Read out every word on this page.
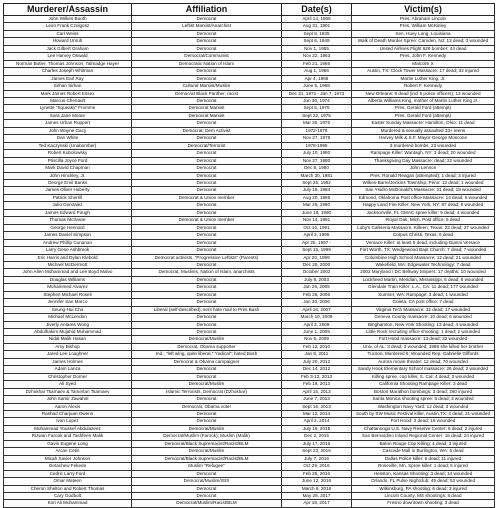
Murderer/Assassin	Affiliation	Date(s)	Victim(s)
John Wilkes Booth	Democrat	April 14, 1865	Pres. Abraham Lincoln
Leon Frank Czolgosz	Leftist Marxist/Anarchist	Aug 31, 1901	Pres. William McKinley
Carl Weiss	Democrat	Sept 8, 1935	Sen. Huey Long, Louisiana
Howard Unruh	Democrat	Sept 6, 1949	Walk of Death Murder Spree: Camden, NJ: 13 dead; 3 wounded
Jack Gilbert Graham	Democrat	Nov 1, 1955	United Airlines Flight 629 bomber; 44 dead
Lee Harvey Oswald	Democrat/Communist	Nov 22, 1963	Pres. John F. Kennedy
Norman Butler, Thomas Johnson, Talmadge Hayer	Democratic Nation of Islam	Feb 21, 1965	Malcolm X
Charles Joseph Whitman	Democrat	Aug 1, 1966	Austin, TX: Clock Tower Massacre: 17 dead; 32 injured
James Earl Ray	Democrat	Apr 4, 1968	Martin Luther King, Jr.
Sirhan Sirhan	Cultural Marxist/Muslim	June 5, 1968	Robert F. Kennedy
Mark James Robert Essex	Democrat Black Panther, racist	Dec 31, 1972 - Jan 7, 1973	New Orleans: 9 dead (incl 5 police officers); 13 wounded
Marcus Chenault	Democrat	Jun 30, 1974	Alberta Williams King, mother of Martin Luther King Jr.
Lynette "Squeaky" Fromme	Democrat Marxist	Sept 5, 1975	Pres. Gerald Ford (attempt)
Sara Jane Moore	Democrat Marxist	Sept 22, 1975	Pres. Gerald Ford (attempt)
James Urban Ruppert	Democrat	Mar 30, 1975	Easter Sunday Massacre: Hamilton, Ohio: 11 dead
John Wayne Gacy	Democrat; Dem Activist	1972-1978	Murdered & sexually assaulted 33+ teens
Dan White	Democrat	Nov 27, 1978	Harvey Milk & S.F. Mayor George Moscone
Ted Kaczynski (Unabomber)	Democrat/Terrorist	1978-1995	3 murdered bombs, 23 wounded
Robert Kubolowsky	Democrat	July 10, 1980	Rampage Killer: Wantagh, NY: 3 dead; 20 wounded
Priscilla Joyce Ford	Democrat	Nov 27, 1980	Thanksgiving Day Massacre: dead; 22 wounded
Mark David Chapman	Democrat	Dec 8, 1980	John Lennon
John Hinckley, Jr.	Democrat	March 30, 1981	Pres. Ronald Reagan (attempted); 1 dead; 3 injured
George Emil Banks	Democrat	Sept 25, 1982	Wilkes-Barre/Jenkins Township, Penn: 13 dead; 1 wounded
James Oliver Huberty	Democrat	July 18, 1984	San Ysidro McDonald's Massacre: 21 dead; 19 wounded
Patrick Sherrill	Democrat & Union member	Aug 20, 1986	Edmond, Oklahoma Post office Massacre: 14 dead; 6 wounded
Julio Gonzalez	Democrat	Mar 25, 1990	Happy Land Fire Killer: New York, NY: 87 dead; 6 wounded
James Edward Pough	Democrat	June 18, 1990	Jacksonville, FL GMAC spree killer: 9 dead; 4 wounded
Thomas McIlvane	Democrat & Union member	Nov 14, 1991	Royal Oak, Mich. Post office: 5 dead
George Hennard	Democrat	Oct 16, 1991	Luby's Cafeteria Massacre, Killeen, Texas: 23 dead; 27 wounded
James Daniel Simpson	Democrat	April 3, 1995	Corpus Christi, Texas: 6 dead
Andrew Phillip Cunanan	Democrat	Apr 25, 1997 -	Versace Killer: at least 5 dead, including Gianni Versace
Larry Gene Ashbrook	Democrat	Sept 15, 1999	Fort Worth, TX: Wedgewood Bapt Church: 7 dead; 7 wounded
Eric Harris and Dylan Klebold	Democrat activists, "Progressive Leftists" (Parents)	Apr 20, 1999	Columbine High School Massacre: 12 dead; 21 wounded
Michael McDermott	Democrat	Dec 26, 2000	Wakefield, MA: Edgewater Technology: 7 dead
John Allen Muhammad and Lee Boyd Malvo	Democrat, Muslims, Nation of Islam, anarchists	October 2002	2002 Maryland / DC Beltway Snipers: 17 deaths; 10 wounded
Douglas Williams	Democrat	July 8, 2003	Lockheed Martin, Meridian, Mississippi, 6 dead; 8 wounded
Mohammed Alvarez	Democrat	Jan 26, 2005	Glendale Train Killer: L.A., CA: 11 dead; 177 wounded
Stephen Michael Roseli	Democrat	Feb 26, 2005	Sumner, WA: Rampage: 3 dead; 1 wounded
Jennifer San Marco	Democrat	Jan 30, 2006	Goleta, CA post office: 7 dead
Seung-Hui Cho	Liberal (self-described); sent hate mail to Pres Bush	April 16, 2007	Virginia Tech Massacre: 32 dead; 17 wounded
Michael McLendon	Democrat	March 10, 2009	Geneva County massacre: 10 dead; 6 wounded
Jiverly Antares Wong	Democrat	April 3, 2009	Binghamton, New York Shooting: 13 dead; 4 wounded
Abdulhakim Mujahid Muhammad	Democrat	June 1, 2009	Little Rock recruiting office shooting: 1 dead; 2 wounded
Nidal Malik Hasan	Democrat/Muslim	Nov 5, 2009	Fort Hood massacre: 13 dead; 32 wounded
Amy Bishop	Democrat, Obama supporter	Feb 12, 2010	Univ. of AL: 3 dead; 3 wounded; 1986 she killed her brother
Jared Lee Loughner	Ind.; "left wing, quite liberal," "radical"; hated Bush	Jan 8, 2011	Tucson, Murdered 6; Wounded Rep. Gabrielle Giffords
James Holmes	Democrat & Obama campaigner	July 20, 2012	Aurora movie theater: 12 dead; 70 wounded
Adam Lanza	Democrat	Dec 14, 2012	Sandy Hook Elementary School massacre: 26 dead; 2 wounded
Christopher Dorner	Democrat	Feb 3-12, 2013	Killing spree, cop killer, S. Cal: 4 dead; 3 wounded
Ali Syed	Democrat/Muslim	Feb 19, 2013	California Shooting Rampage Killer: 3 dead
Dzhokhar Tsarnaev & Tamerlan Tsarnaev	Islamic Terrorists, Democrat (Dzhokhar)	April 15, 2013	Boston Marathon bombings: 3 dead; 260 injured
John Samir Zawahiri	Democrat	June 7, 2013	Santa Monica shooting spree: 5 dead; 3 wounded
Aaron Alexis	Democrat, Obama voter	Sept 16, 2013	Washington Navy Yard: 12 dead; 3 wounded
Rashad Charjuan Owens	Democrat	Mar 12, 2014	South by SW Music Festival killer, Austin,TX: 4 dead; 21 wounded
Ivan Lopez	Democrat	April 2, 2014	Fort Hood: 3 dead; 16 wounded
Muhammad Youssef Abdulazeez	Democrat/Muslim	July 16, 2015	Chattanooga U.S. Navy Reserve Center: 6 dead; 2 injured
Rizwan Farook and Tashfeen Malik	Democrat/Muslim (Farook); Muslim (Malik)	Dec 2, 2015	San Bernardino Inland Regional Center: 16 dead; 24 injured
Gavin Eugene Long	Democrat/Black Supremacist/Racist/BLM	July 17, 2016	Baton Rouge Cop Killing: 4 dead; 3 injured
Arcan Cetin	Democrat/Muslim	Sept 23, 2016	Cascade Mall in Burlington, WA: 5 dead
Micah Xavier Johnson	Democrat/Black Supremacist/Racist/BLM	July 7, 2016	Dallas Police killer: 6 dead; 11 injured
Getachew Fekede	Muslim "Refugee"	Oct 29, 2016	Roseville, Mn. Spree killer: 1 dead; 5 injured
Cedric Larry Ford	Democrat	Feb 25, 2016	Hesston, Kansas Shooting: 3 dead; 14 wounded
Omar Mateen	Democrat/Muslim/ISIS	June 12, 2016	Orlando, FL Pulse Nightclub: 49 dead; 53 wounded
Cheron Shelton and Robert Thomas	Democrat	March 9, 2016	Wilkinsburg, PA shooting: 6 dead; 3 injured
Cary Godbolt	Democrat	May 28, 2017	Lincoln County, MS shootings: 8 dead
Kori Ali Muhammad	Democrat/Muslim/Racist/BLM	Apr 18, 2017	Fresno downtown shooting: 3 dead
